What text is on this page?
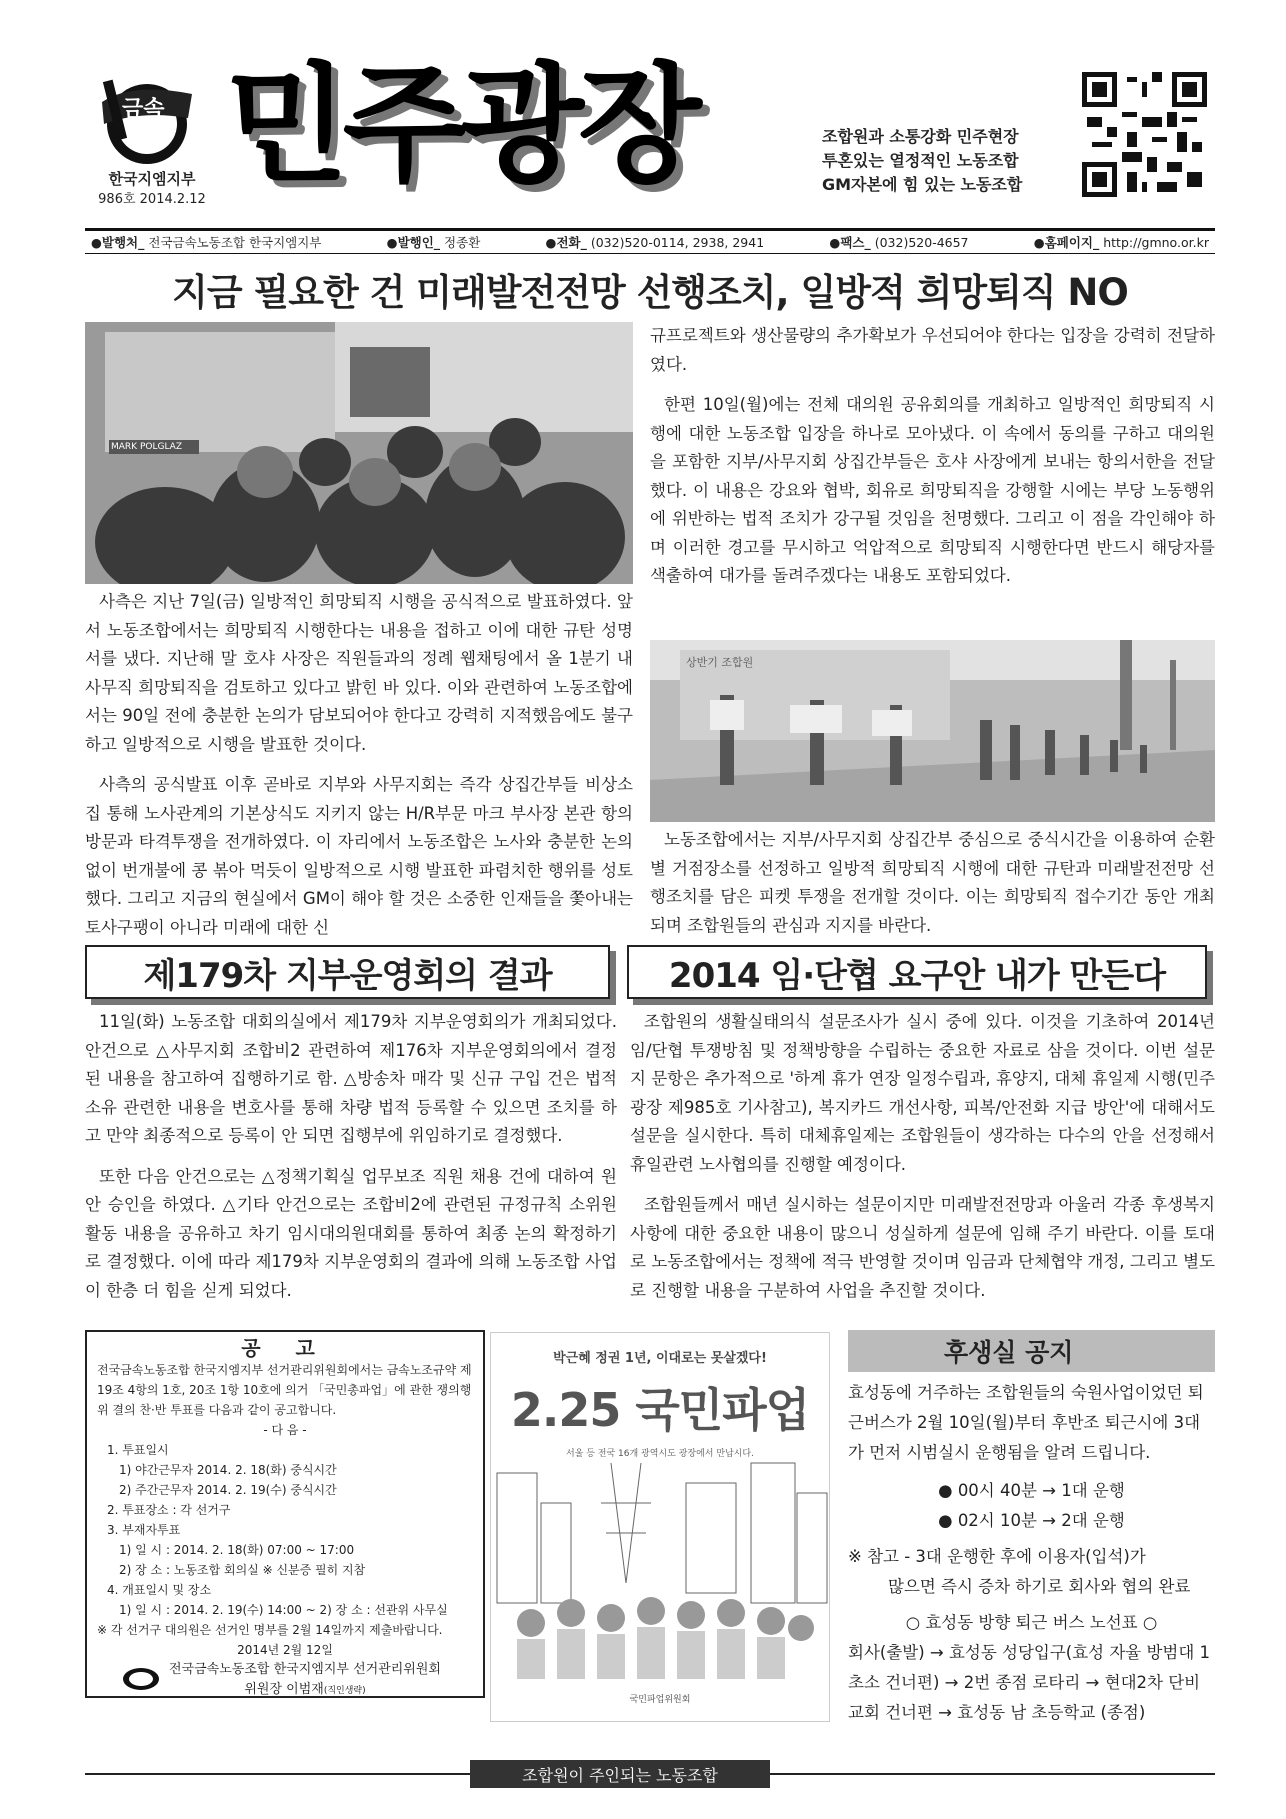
금속
한국지엠지부
986호 2014.2.12 민주광장	조합원과 소통강화 민주현장
투혼있는 열정적인 노동조합
GM자본에 힘 있는 노동조합
●발행처_ 전국금속노동조합 한국지엠지부	●발행인_ 정종환	●전화_ (032)520-0114, 2938, 2941	●팩스_ (032)520-4657	●홈페이지_ http://gmno.or.kr
지금 필요한 건 미래발전전망 선행조치, 일방적 희망퇴직 NO
MARK POLGLAZ

사측은 지난 7일(금) 일방적인 희망퇴직 시행을 공식적으로 발표하였다. 앞서 노동조합에서는 희망퇴직 시행한다는 내용을 접하고 이에 대한 규탄 성명서를 냈다. 지난해 말 호샤 사장은 직원들과의 정례 웹채팅에서 올 1분기 내 사무직 희망퇴직을 검토하고 있다고 밝힌 바 있다. 이와 관련하여 노동조합에서는 90일 전에 충분한 논의가 담보되어야 한다고 강력히 지적했음에도 불구하고 일방적으로 시행을 발표한 것이다.

사측의 공식발표 이후 곧바로 지부와 사무지회는 즉각 상집간부들 비상소집 통해 노사관계의 기본상식도 지키지 않는 H/R부문 마크 부사장 본관 항의방문과 타격투쟁을 전개하였다. 이 자리에서 노동조합은 노사와 충분한 논의 없이 번개불에 콩 볶아 먹듯이 일방적으로 시행 발표한 파렴치한 행위를 성토했다. 그리고 지금의 현실에서 GM이 해야 할 것은 소중한 인재들을 쫓아내는 토사구팽이 아니라 미래에 대한 신

규프로젝트와 생산물량의 추가확보가 우선되어야 한다는 입장을 강력히 전달하였다.

한편 10일(월)에는 전체 대의원 공유회의를 개최하고 일방적인 희망퇴직 시행에 대한 노동조합 입장을 하나로 모아냈다. 이 속에서 동의를 구하고 대의원을 포함한 지부/사무지회 상집간부들은 호샤 사장에게 보내는 항의서한을 전달했다. 이 내용은 강요와 협박, 회유로 희망퇴직을 강행할 시에는 부당 노동행위에 위반하는 법적 조치가 강구될 것임을 천명했다. 그리고 이 점을 각인해야 하며 이러한 경고를 무시하고 억압적으로 희망퇴직 시행한다면 반드시 해당자를 색출하여 대가를 돌려주겠다는 내용도 포함되었다.

상반기 조합원

노동조합에서는 지부/사무지회 상집간부 중심으로 중식시간을 이용하여 순환별 거점장소를 선정하고 일방적 희망퇴직 시행에 대한 규탄과 미래발전전망 선행조치를 담은 피켓 투쟁을 전개할 것이다. 이는 희망퇴직 접수기간 동안 개최되며 조합원들의 관심과 지지를 바란다.

제179차 지부운영회의 결과

11일(화) 노동조합 대회의실에서 제179차 지부운영회의가 개최되었다. 안건으로 △사무지회 조합비2 관련하여 제176차 지부운영회의에서 결정된 내용을 참고하여 집행하기로 함. △방송차 매각 및 신규 구입 건은 법적 소유 관련한 내용을 변호사를 통해 차량 법적 등록할 수 있으면 조치를 하고 만약 최종적으로 등록이 안 되면 집행부에 위임하기로 결정했다.

또한 다음 안건으로는 △정책기획실 업무보조 직원 채용 건에 대하여 원안 승인을 하였다. △기타 안건으로는 조합비2에 관련된 규정규칙 소위원 활동 내용을 공유하고 차기 임시대의원대회를 통하여 최종 논의 확정하기로 결정했다. 이에 따라 제179차 지부운영회의 결과에 의해 노동조합 사업이 한층 더 힘을 싣게 되었다.

2014 임·단협 요구안 내가 만든다

조합원의 생활실태의식 설문조사가 실시 중에 있다. 이것을 기초하여 2014년 임/단협 투쟁방침 및 정책방향을 수립하는 중요한 자료로 삼을 것이다. 이번 설문지 문항은 추가적으로 '하계 휴가 연장 일정수립과, 휴양지, 대체 휴일제 시행(민주광장 제985호 기사참고), 복지카드 개선사항, 피복/안전화 지급 방안'에 대해서도 설문을 실시한다. 특히 대체휴일제는 조합원들이 생각하는 다수의 안을 선정해서 휴일관련 노사협의를 진행할 예정이다.

조합원들께서 매년 실시하는 설문이지만 미래발전전망과 아울러 각종 후생복지사항에 대한 중요한 내용이 많으니 성실하게 설문에 임해 주기 바란다. 이를 토대로 노동조합에서는 정책에 적극 반영할 것이며 임금과 단체협약 개정, 그리고 별도로 진행할 내용을 구분하여 사업을 추진할 것이다.

공 고
전국금속노동조합 한국지엠지부 선거관리위원회에서는 금속노조규약 제19조 4항의 1호, 20조 1항 10호에 의거 「국민총파업」에 관한 쟁의행위 결의 찬·반 투표를 다음과 같이 공고합니다.
- 다 음 -
1. 투표일시
1) 야간근무자 2014. 2. 18(화) 중식시간
2) 주간근무자 2014. 2. 19(수) 중식시간
2. 투표장소 : 각 선거구
3. 부재자투표
1) 일 시 : 2014. 2. 18(화) 07:00 ~ 17:00
2) 장 소 : 노동조합 회의실 ※ 신분증 필히 지참
4. 개표일시 및 장소
1) 일 시 : 2014. 2. 19(수) 14:00 ~ 2) 장 소 : 선관위 사무실
※ 각 선거구 대의원은 선거인 명부를 2월 14일까지 제출바랍니다.
2014년 2월 12일
전국금속노동조합 한국지엠지부 선거관리위원회
위원장 이범재(직인생략)
박근혜 정권 1년, 이대로는 못살겠다!
2.25 국민파업
서울 등 전국 16개 광역시도 광장에서 만납시다.
국민파업위원회
후생실 공지
효성동에 거주하는 조합원들의 숙원사업이었던 퇴근버스가 2월 10일(월)부터 후반조 퇴근시에 3대가 먼저 시범실시 운행됨을 알려 드립니다.
● 00시 40분 → 1대 운행
● 02시 10분 → 2대 운행
※ 참고 - 3대 운행한 후에 이용자(입석)가
많으면 즉시 증차 하기로 회사와 협의 완료
○ 효성동 방향 퇴근 버스 노선표 ○
회사(출발) → 효성동 성당입구(효성 자율 방범대 1초소 건너편) → 2번 종점 로타리 → 현대2차 단비교회 건너편 → 효성동 남 초등학교 (종점)
조합원이 주인되는 노동조합
